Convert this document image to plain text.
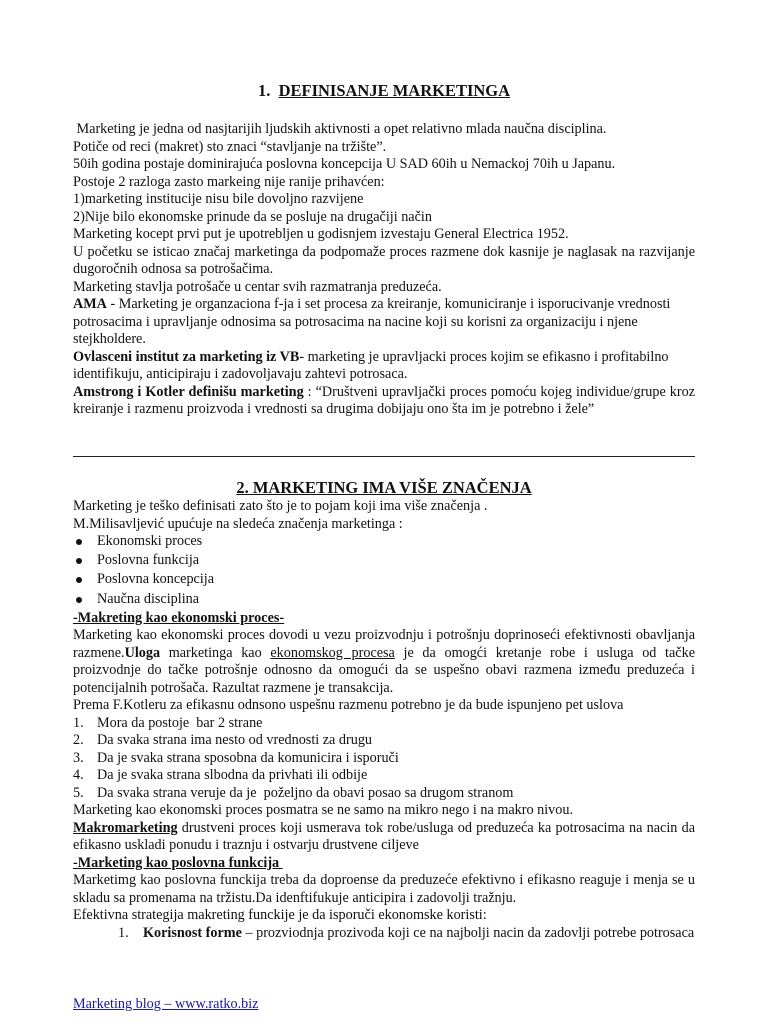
1. DEFINISANJE MARKETINGA

Marketing je jedna od nasjtarijih ljudskih aktivnosti a opet relativno mlada naučna disciplina.

Potiče od reci (makret) sto znaci “stavljanje na tržište”.

50ih godina postaje dominirajuća poslovna koncepcija U SAD 60ih u Nemackoj 70ih u Japanu.

Postoje 2 razloga zasto markeing nije ranije prihavćen:

1)marketing institucije nisu bile dovoljno razvijene

2)Nije bilo ekonomske prinude da se posluje na drugačiji način

Marketing kocept prvi put je upotrebljen u godisnjem izvestaju General Electrica 1952.

U početku se isticao značaj marketinga da podpomaže proces razmene dok kasnije je naglasak na razvijanje dugoročnih odnosa sa potrošačima.

Marketing stavlja potrošače u centar svih razmatranja preduzeća.

AMA - Marketing je organzaciona f-ja i set procesa za kreiranje, komuniciranje i isporucivanje vrednosti potrosacima i upravljanje odnosima sa potrosacima na nacine koji su korisni za organizaciju i njene stejkholdere.

Ovlasceni institut za marketing iz VB- marketing je upravljacki proces kojim se efikasno i profitabilno identifikuju, anticipiraju i zadovoljavaju zahtevi potrosaca.

Amstrong i Kotler definišu marketing : “Društveni upravljački proces pomoću kojeg individue/grupe kroz kreiranje i razmenu proizvoda i vrednosti sa drugima dobijaju ono šta im je potrebno i žele”

2. MARKETING IMA VIŠE ZNAČENJA

Marketing je teško definisati zato što je to pojam koji ima više značenja .

M.Milisavljević upućuje na sledeća značenja marketinga :

Ekonomski proces
Poslovna funkcija
Poslovna koncepcija
Naučna disciplina

-Makreting kao ekonomski proces-

Marketing kao ekonomski proces dovodi u vezu proizvodnju i potrošnju doprinoseći efektivnosti obavljanja razmene.Uloga marketinga kao ekonomskog procesa je da omogći kretanje robe i usluga od tačke proizvodnje do tačke potrošnje odnosno da omogući da se uspešno obavi razmena između preduzeća i potencijalnih potrošača. Razultat razmene je transakcija.

Prema F.Kotleru za efikasnu odnsono uspešnu razmenu potrebno je da bude ispunjeno pet uslova

1. Mora da postoje  bar 2 strane
2. Da svaka strana ima nesto od vrednosti za drugu
3. Da je svaka strana sposobna da komunicira i isporuči
4. Da je svaka strana slbodna da privhati ili odbije
5. Da svaka strana veruje da je  poželjno da obavi posao sa drugom stranom

Marketing kao ekonomski proces posmatra se ne samo na mikro nego i na makro nivou.

Makromarketing drustveni proces koji usmerava tok robe/usluga od preduzeća ka potrosacima na nacin da efikasno uskladi ponudu i traznju i ostvarju drustvene ciljeve

-Marketing kao poslovna funkcija

Marketimg kao poslovna funckija treba da doproense da preduzeće efektivno i efikasno reaguje i menja se u skladu sa promenama na tržistu.Da idenftifukuje anticipira i zadovolji tražnju.

Efektivna strategija makreting funckije je da isporuči ekonomske koristi:

1. Korisnost forme – prozviodnja prozivoda koji ce na najbolji nacin da zadovlji potrebe potrosaca

Marketing blog – www.ratko.biz
